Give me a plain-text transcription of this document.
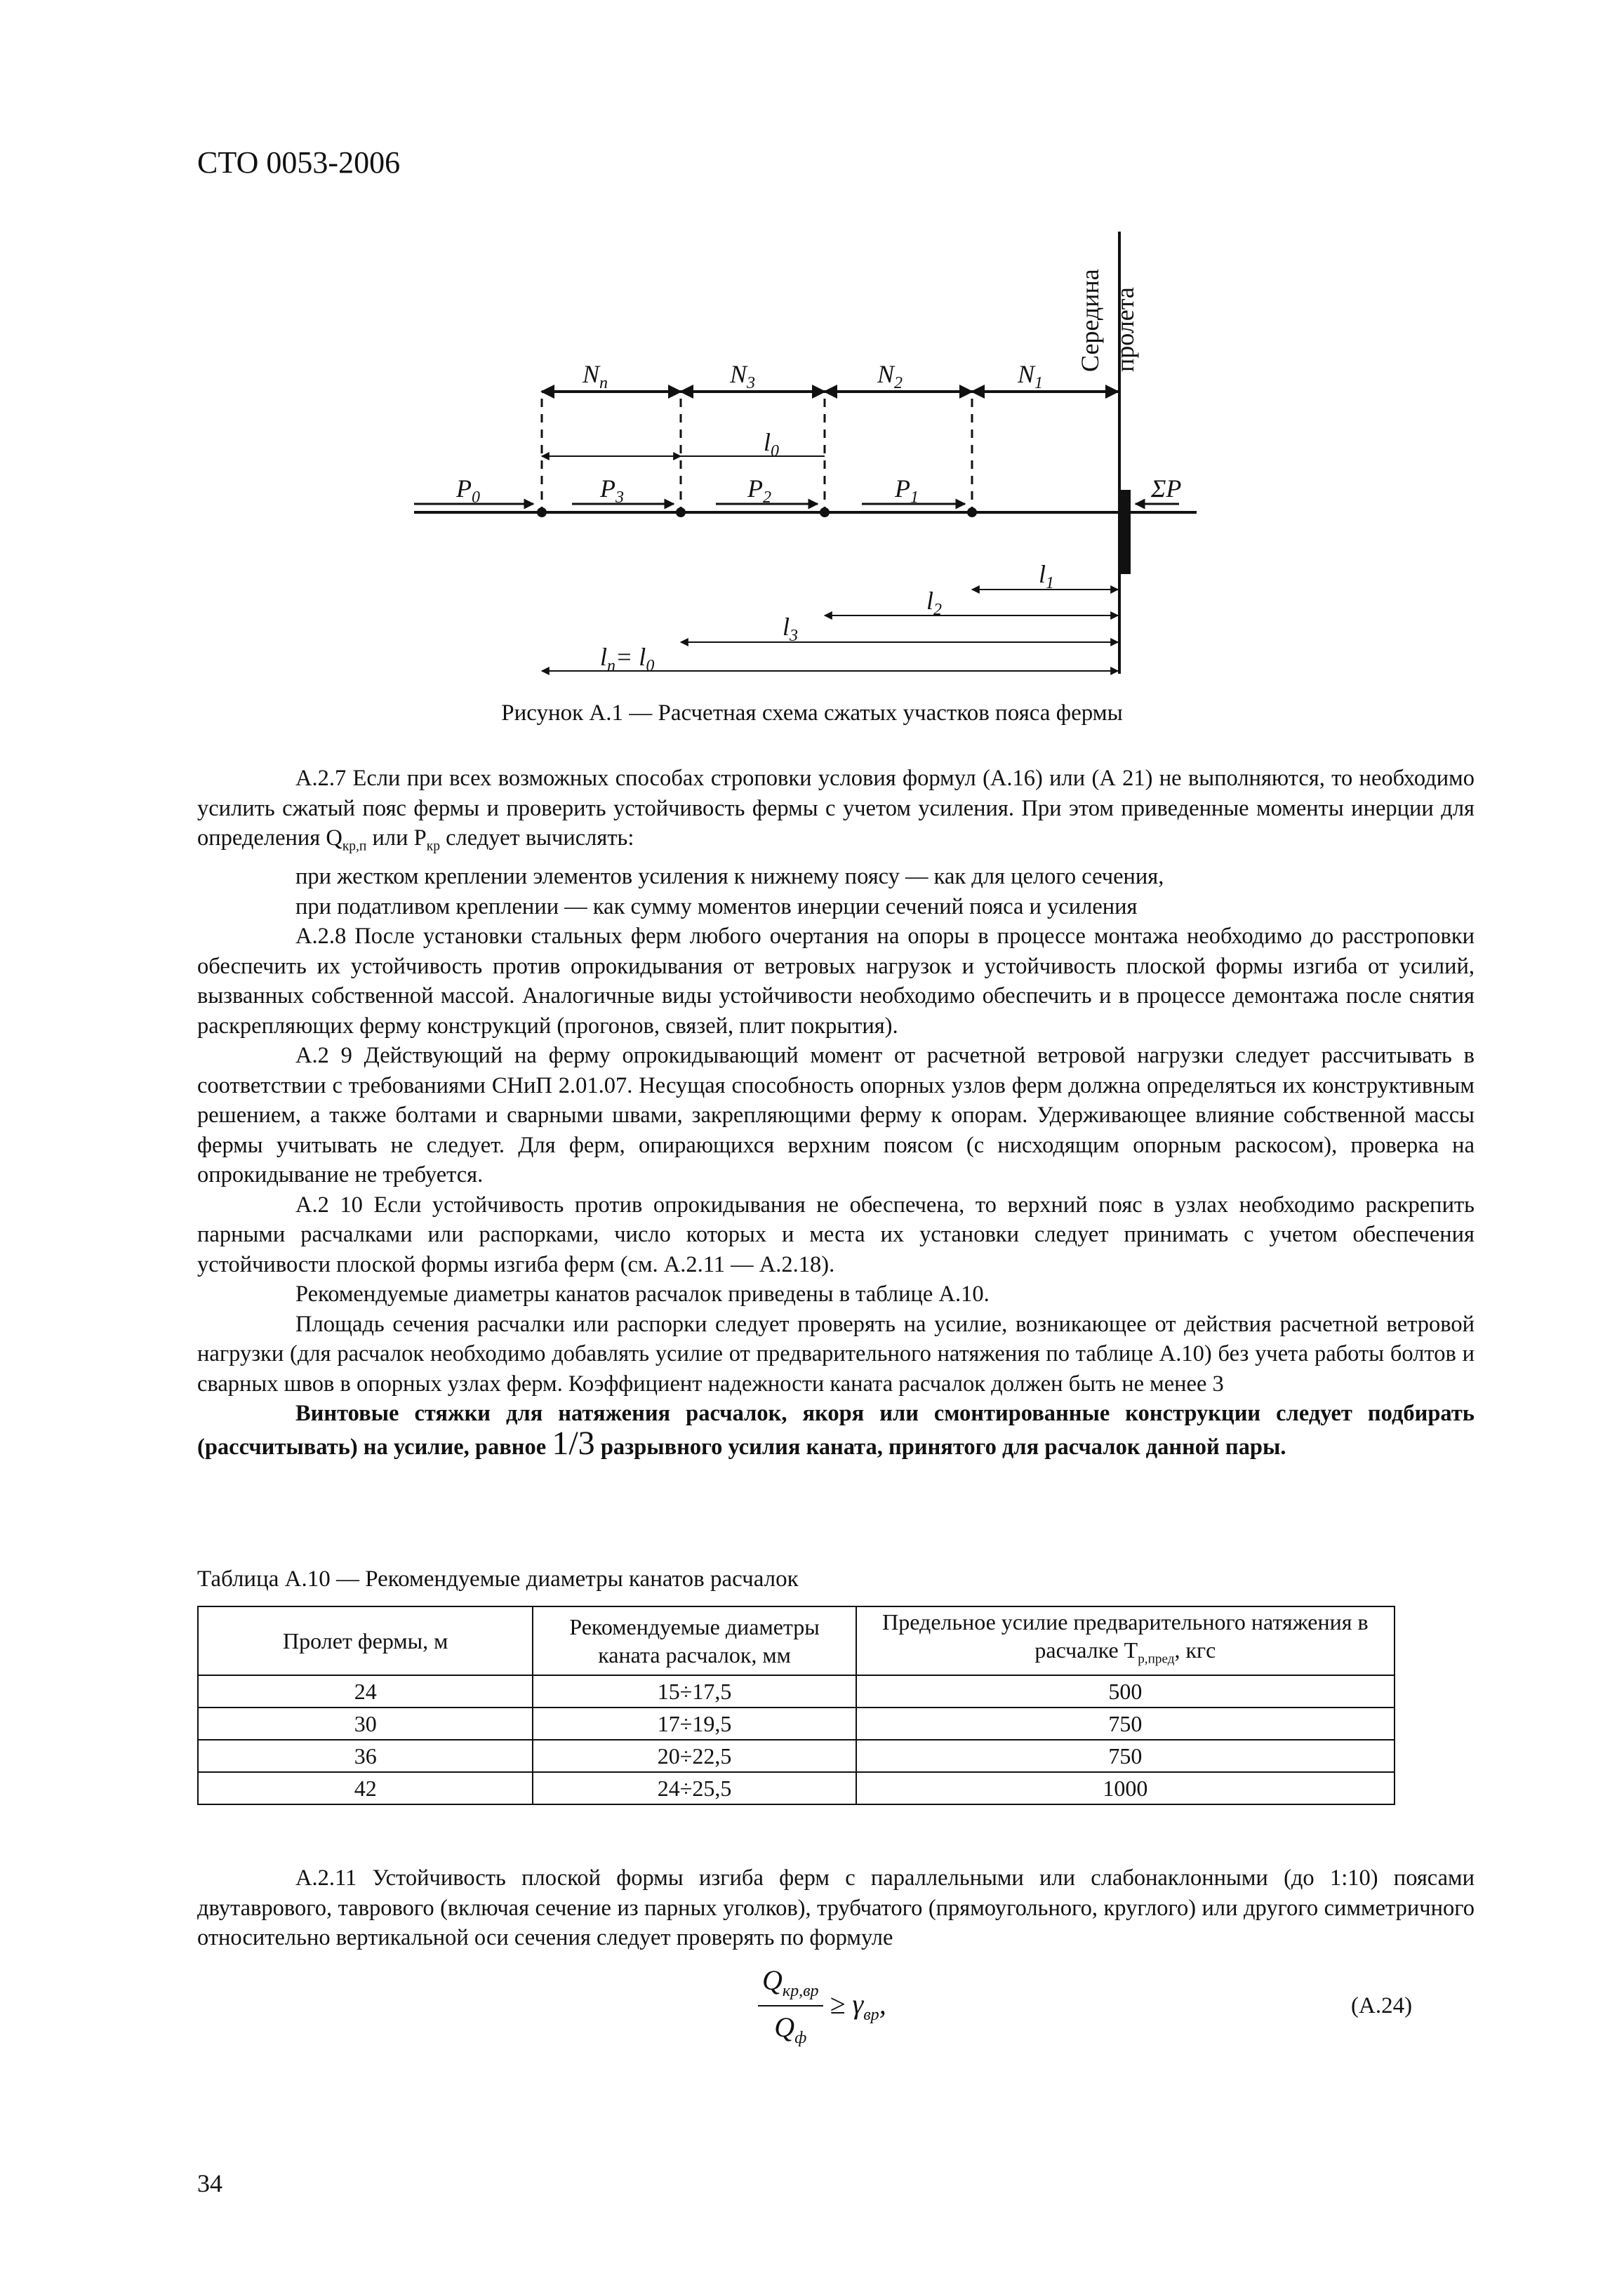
СТО 0053-2006
Середина пролета
$N_n$	$N_3$	$N_2$	$N_1$
$l_0$
$P_0$	$P_3$	$P_2$	$P_1$	ΣP
$l_1$
$l_2$
$l_3$
$l_n= l_0$
Рисунок А.1 — Расчетная схема сжатых участков пояса фермы

А.2.7 Если при всех возможных способах строповки условия формул (А.16) или (А 21) не выполняются, то необходимо усилить сжатый пояс фермы и проверить устойчивость фермы с учетом усиления. При этом приведенные моменты инерции для определения $Q_{кр,п}$ или $P_{кр}$ следует вычислять:

при жестком креплении элементов усиления к нижнему поясу — как для целого сечения,

при податливом креплении — как сумму моментов инерции сечений пояса и усиления

А.2.8 После установки стальных ферм любого очертания на опоры в процессе монтажа необходимо до расстроповки обеспечить их устойчивость против опрокидывания от ветровых нагрузок и устойчивость плоской формы изгиба от усилий, вызванных собственной массой. Аналогичные виды устойчивости необходимо обеспечить и в процессе демонтажа после снятия раскрепляющих ферму конструкций (прогонов, связей, плит покрытия).

А.2 9 Действующий на ферму опрокидывающий момент от расчетной ветровой нагрузки следует рассчитывать в соответствии с требованиями СНиП 2.01.07. Несущая способность опорных узлов ферм должна определяться их конструктивным решением, а также болтами и сварными швами, закрепляющими ферму к опорам. Удерживающее влияние собственной массы фермы учитывать не следует. Для ферм, опирающихся верхним поясом (с нисходящим опорным раскосом), проверка на опрокидывание не требуется.

А.2 10 Если устойчивость против опрокидывания не обеспечена, то верхний пояс в узлах необходимо раскрепить парными расчалками или распорками, число которых и места их установки следует принимать с учетом обеспечения устойчивости плоской формы изгиба ферм (см. А.2.11 — А.2.18).

Рекомендуемые диаметры канатов расчалок приведены в таблице А.10.

Площадь сечения расчалки или распорки следует проверять на усилие, возникающее от действия расчетной ветровой нагрузки (для расчалок необходимо добавлять усилие от предварительного натяжения по таблице А.10) без учета работы болтов и сварных швов в опорных узлах ферм. Коэффициент надежности каната расчалок должен быть не менее 3

Винтовые стяжки для натяжения расчалок, якоря или смонтированные конструкции следует подбирать (рассчитывать) на усилие, равное 1/3 разрывного усилия каната, принятого для расчалок данной пары.

Таблица А.10 — Рекомендуемые диаметры канатов расчалок
Пролет фермы, м	Рекомендуемые диаметры каната расчалок, мм	Предельное усилие предварительного натяжения в расчалке $T_{р,пред}$, кгс
24	15÷17,5	500
30	17÷19,5	750
36	20÷22,5	750
42	24÷25,5	1000

А.2.11 Устойчивость плоской формы изгиба ферм с параллельными или слабонаклонными (до 1:10) поясами двутаврового, таврового (включая сечение из парных уголков), трубчатого (прямоугольного, круглого) или другого симметричного относительно вертикальной оси сечения следует проверять по формуле

$\frac{Q_{кр,вр}}{Q_ф} \ge \gamma_{вр}$,	(А.24)
34
